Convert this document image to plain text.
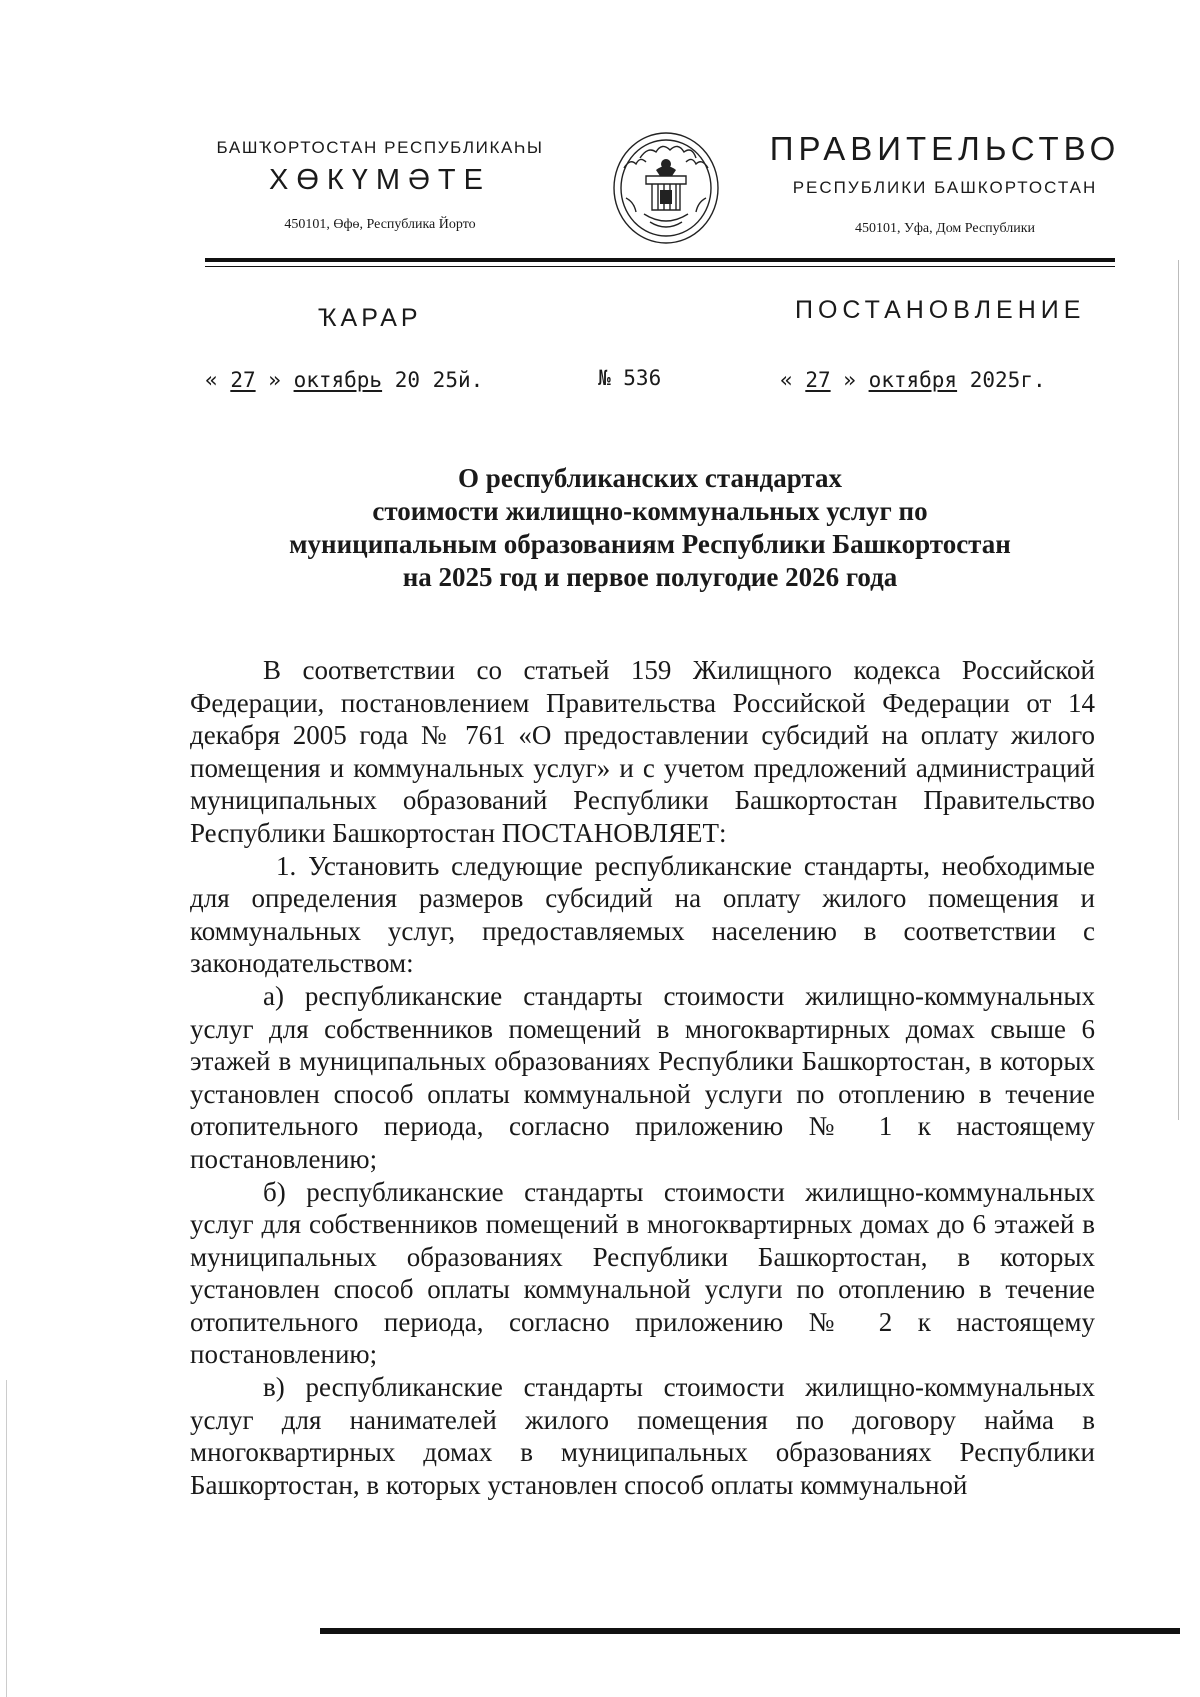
БАШҠОРТОСТАН РЕСПУБЛИКАҺЫ
ХӨКҮМӘТЕ
450101, Өфө, Республика Йорто
ПРАВИТЕЛЬСТВО
РЕСПУБЛИКИ БАШКОРТОСТАН
450101, Уфа, Дом Республики
ҠАРАР	ПОСТАНОВЛЕНИЕ
« 27 » октябрь 20 25й.	№ 536	« 27 » октября 2025г.
О республиканских стандартах
стоимости жилищно-коммунальных услуг по
муниципальным образованиям Республики Башкортостан
на 2025 год и первое полугодие 2026 года

В соответствии со статьей 159 Жилищного кодекса Российской Федерации, постановлением Правительства Российской Федерации от 14 декабря 2005 года № 761 «О предоставлении субсидий на оплату жилого помещения и коммунальных услуг» и с учетом предложений администраций муниципальных образований Республики Башкортостан Правительство Республики Башкортостан ПОСТАНОВЛЯЕТ:

1. Установить следующие республиканские стандарты, необходимые для определения размеров субсидий на оплату жилого помещения и коммунальных услуг, предоставляемых населению в соответствии с законодательством:

а) республиканские стандарты стоимости жилищно-коммунальных услуг для собственников помещений в многоквартирных домах свыше 6 этажей в муниципальных образованиях Республики Башкортостан, в которых установлен способ оплаты коммунальной услуги по отоплению в течение отопительного периода, согласно приложению № 1 к настоящему постановлению;

б) республиканские стандарты стоимости жилищно-коммунальных услуг для собственников помещений в многоквартирных домах до 6 этажей в муниципальных образованиях Республики Башкортостан, в которых установлен способ оплаты коммунальной услуги по отоплению в течение отопительного периода, согласно приложению № 2 к настоящему постановлению;

в) республиканские стандарты стоимости жилищно-коммунальных услуг для нанимателей жилого помещения по договору найма в многоквартирных домах в муниципальных образованиях Республики Башкортостан, в которых установлен способ оплаты коммунальной
